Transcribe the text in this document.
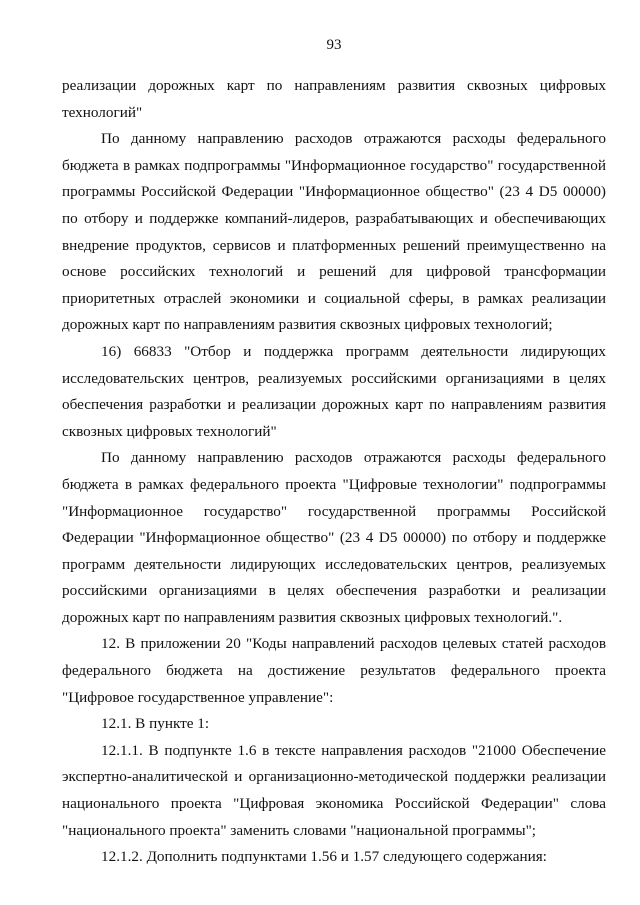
93

реализации дорожных карт по направлениям развития сквозных цифровых технологий"

По данному направлению расходов отражаются расходы федерального бюджета в рамках подпрограммы "Информационное государство" государственной программы Российской Федерации "Информационное общество" (23 4 D5 00000) по отбору и поддержке компаний-лидеров, разрабатывающих и обеспечивающих внедрение продуктов, сервисов и платформенных решений преимущественно на основе российских технологий и решений для цифровой трансформации приоритетных отраслей экономики и социальной сферы, в рамках реализации дорожных карт по направлениям развития сквозных цифровых технологий;

16) 66833 "Отбор и поддержка программ деятельности лидирующих исследовательских центров, реализуемых российскими организациями в целях обеспечения разработки и реализации дорожных карт по направлениям развития сквозных цифровых технологий"

По данному направлению расходов отражаются расходы федерального бюджета в рамках федерального проекта "Цифровые технологии" подпрограммы "Информационное государство" государственной программы Российской Федерации "Информационное общество" (23 4 D5 00000) по отбору и поддержке программ деятельности лидирующих исследовательских центров, реализуемых российскими организациями в целях обеспечения разработки и реализации дорожных карт по направлениям развития сквозных цифровых технологий.".

12. В приложении 20 "Коды направлений расходов целевых статей расходов федерального бюджета на достижение результатов федерального проекта "Цифровое государственное управление":

12.1. В пункте 1:

12.1.1. В подпункте 1.6 в тексте направления расходов "21000 Обеспечение экспертно-аналитической и организационно-методической поддержки реализации национального проекта "Цифровая экономика Российской Федерации" слова "национального проекта" заменить словами "национальной программы";

12.1.2. Дополнить подпунктами 1.56 и 1.57 следующего содержания:
